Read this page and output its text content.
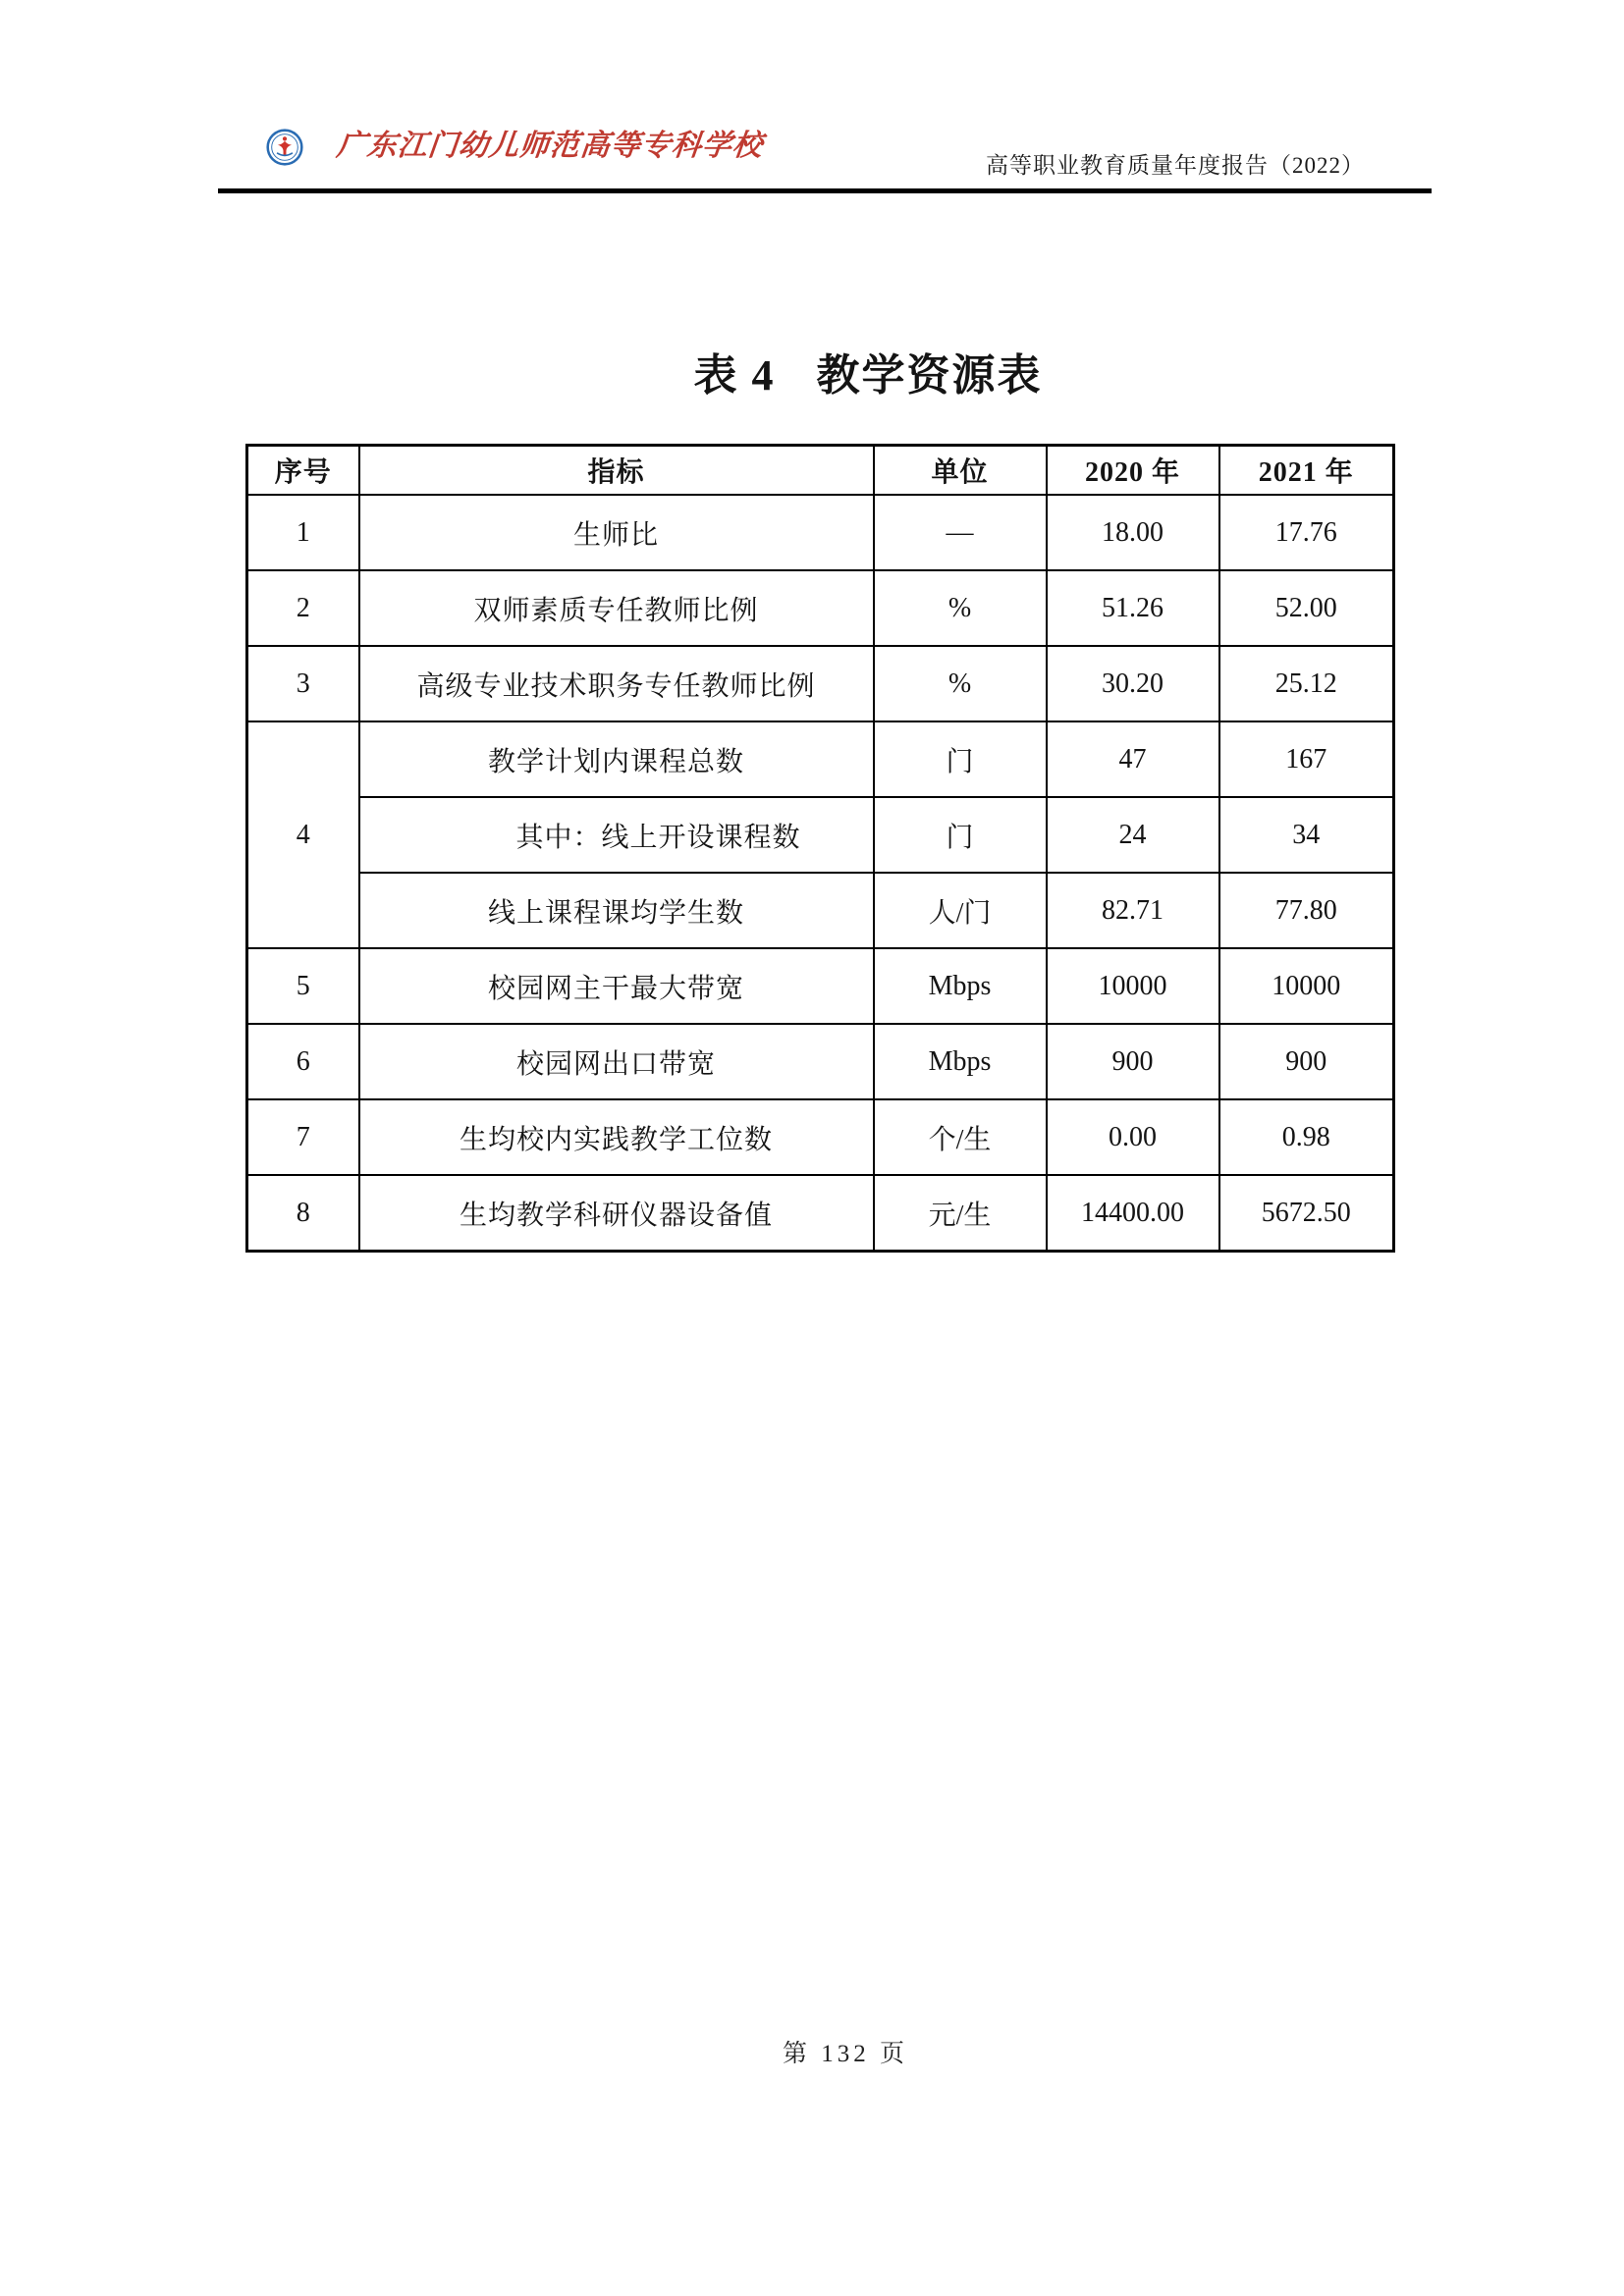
广东江门幼儿师范高等专科学校
高等职业教育质量年度报告（2022）
表 4 教学资源表
序号	指标	单位	2020 年	2021 年
1	生师比	—	18.00	17.76
2	双师素质专任教师比例	%	51.26	52.00
3	高级专业技术职务专任教师比例	%	30.20	25.12
4	教学计划内课程总数	门	47	167
	其中：线上开设课程数	门	24	34
	线上课程课均学生数	人/门	82.71	77.80
5	校园网主干最大带宽	Mbps	10000	10000
6	校园网出口带宽	Mbps	900	900
7	生均校内实践教学工位数	个/生	0.00	0.98
8	生均教学科研仪器设备值	元/生	14400.00	5672.50
第 132 页
